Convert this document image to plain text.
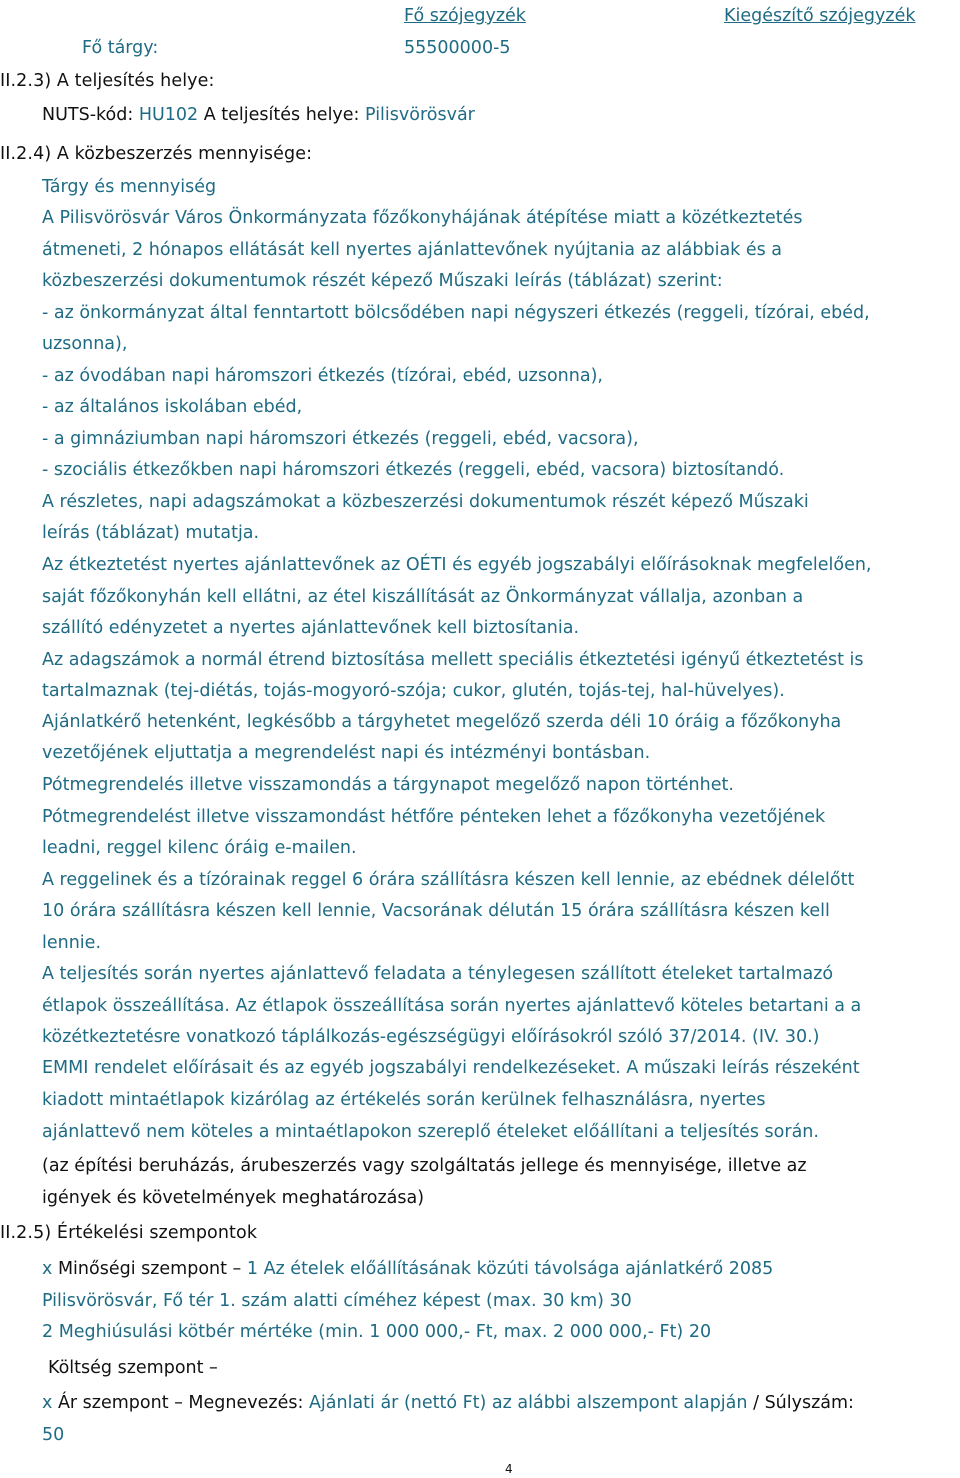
Fő szójegyzék	Kiegészítő szójegyzék
Fő tárgy:	55500000-5
II.2.3) A teljesítés helye:
NUTS-kód: HU102 A teljesítés helye: Pilisvörösvár
II.2.4) A közbeszerzés mennyisége:
Tárgy és mennyiség
A Pilisvörösvár Város Önkormányzata főzőkonyhájának átépítése miatt a közétkeztetés
átmeneti, 2 hónapos ellátását kell nyertes ajánlattevőnek nyújtania az alábbiak és a
közbeszerzési dokumentumok részét képező Műszaki leírás (táblázat) szerint:
- az önkormányzat által fenntartott bölcsődében napi négyszeri étkezés (reggeli, tízórai, ebéd,
uzsonna),
- az óvodában napi háromszori étkezés (tízórai, ebéd, uzsonna),
- az általános iskolában ebéd,
- a gimnáziumban napi háromszori étkezés (reggeli, ebéd, vacsora),
- szociális étkezőkben napi háromszori étkezés (reggeli, ebéd, vacsora) biztosítandó.
A részletes, napi adagszámokat a közbeszerzési dokumentumok részét képező Műszaki
leírás (táblázat) mutatja.
Az étkeztetést nyertes ajánlattevőnek az OÉTI és egyéb jogszabályi előírásoknak megfelelően,
saját főzőkonyhán kell ellátni, az étel kiszállítását az Önkormányzat vállalja, azonban a
szállító edényzetet a nyertes ajánlattevőnek kell biztosítania.
Az adagszámok a normál étrend biztosítása mellett speciális étkeztetési igényű étkeztetést is
tartalmaznak (tej-diétás, tojás-mogyoró-szója; cukor, glutén, tojás-tej, hal-hüvelyes).
Ajánlatkérő hetenként, legkésőbb a tárgyhetet megelőző szerda déli 10 óráig a főzőkonyha
vezetőjének eljuttatja a megrendelést napi és intézményi bontásban.
Pótmegrendelés illetve visszamondás a tárgynapot megelőző napon történhet.
Pótmegrendelést illetve visszamondást hétfőre pénteken lehet a főzőkonyha vezetőjének
leadni, reggel kilenc óráig e-mailen.
A reggelinek és a tízórainak reggel 6 órára szállításra készen kell lennie, az ebédnek délelőtt
10 órára szállításra készen kell lennie, Vacsorának délután 15 órára szállításra készen kell
lennie.
A teljesítés során nyertes ajánlattevő feladata a ténylegesen szállított ételeket tartalmazó
étlapok összeállítása. Az étlapok összeállítása során nyertes ajánlattevő köteles betartani a a
közétkeztetésre vonatkozó táplálkozás-egészségügyi előírásokról szóló 37/2014. (IV. 30.)
EMMI rendelet előírásait és az egyéb jogszabályi rendelkezéseket. A műszaki leírás részeként
kiadott mintaétlapok kizárólag az értékelés során kerülnek felhasználásra, nyertes
ajánlattevő nem köteles a mintaétlapokon szereplő ételeket előállítani a teljesítés során.
(az építési beruházás, árubeszerzés vagy szolgáltatás jellege és mennyisége, illetve az
igények és követelmények meghatározása)
II.2.5) Értékelési szempontok
x Minőségi szempont – 1 Az ételek előállításának közúti távolsága ajánlatkérő 2085
Pilisvörösvár, Fő tér 1. szám alatti címéhez képest (max. 30 km) 30
2 Meghiúsulási kötbér mértéke (min. 1 000 000,- Ft, max. 2 000 000,- Ft) 20
Költség szempont –
x Ár szempont – Megnevezés: Ajánlati ár (nettó Ft) az alábbi alszempont alapján / Súlyszám:
50
4
